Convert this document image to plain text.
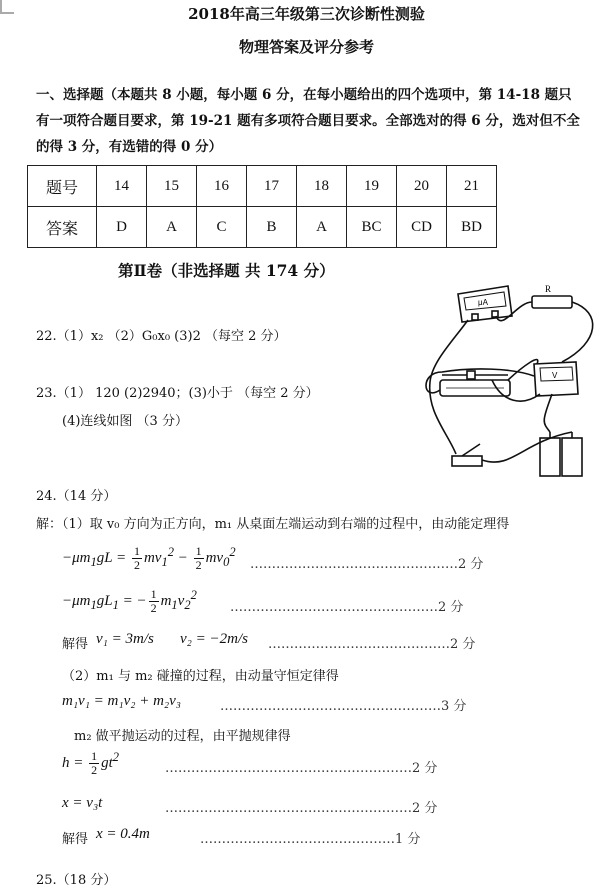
2018年高三年级第三次诊断性测验
物理答案及评分参考
一、选择题（本题共 8 小题，每小题 6 分，在每小题给出的四个选项中，第 14-18 题只有一项符合题目要求，第 19-21 题有多项符合题目要求。全部选对的得 6 分，选对但不全的得 3 分，有选错的得 0 分）
题号	14	15	16	17	18	19	20	21
答案	D	A	C	B	A	BC	CD	BD
第Ⅱ卷（非选择题 共 174 分）
22.（1）x₂ （2）G₀x₀ (3)2 （每空 2 分）
23.（1） 120 (2)2940；(3)小于 （每空 2 分）
(4)连线如图 （3 分）
μA
R
V
24.（14 分）
解：（1）取 v₀ 方向为正方向，m₁ 从桌面左端运动到右端的过程中，由动能定理得
$-\mu m_1gL = \frac{1}{2} mv_1^2 - \frac{1}{2} mv_0^2$
…………………………………………2 分
$-\mu m_1gL_1$ = − $\frac{1}{2} m_1v_2^2$
…………………………………………2 分
解得 v₁ = 3m/s v₂ = −2m/s ……………………………………2 分
（2）m₁ 与 m₂ 碰撞的过程，由动量守恒定律得
m₁v₁ = m₁v₂ + m₂v₃	……………………………………………3 分
m₂ 做平抛运动的过程，由平抛规律得
$h = \frac{1}{2} gt^2$
…………………………………………………2 分
x = v₃t	…………………………………………………2 分
解得 x = 0.4m	………………………………………1 分
25.（18 分）
